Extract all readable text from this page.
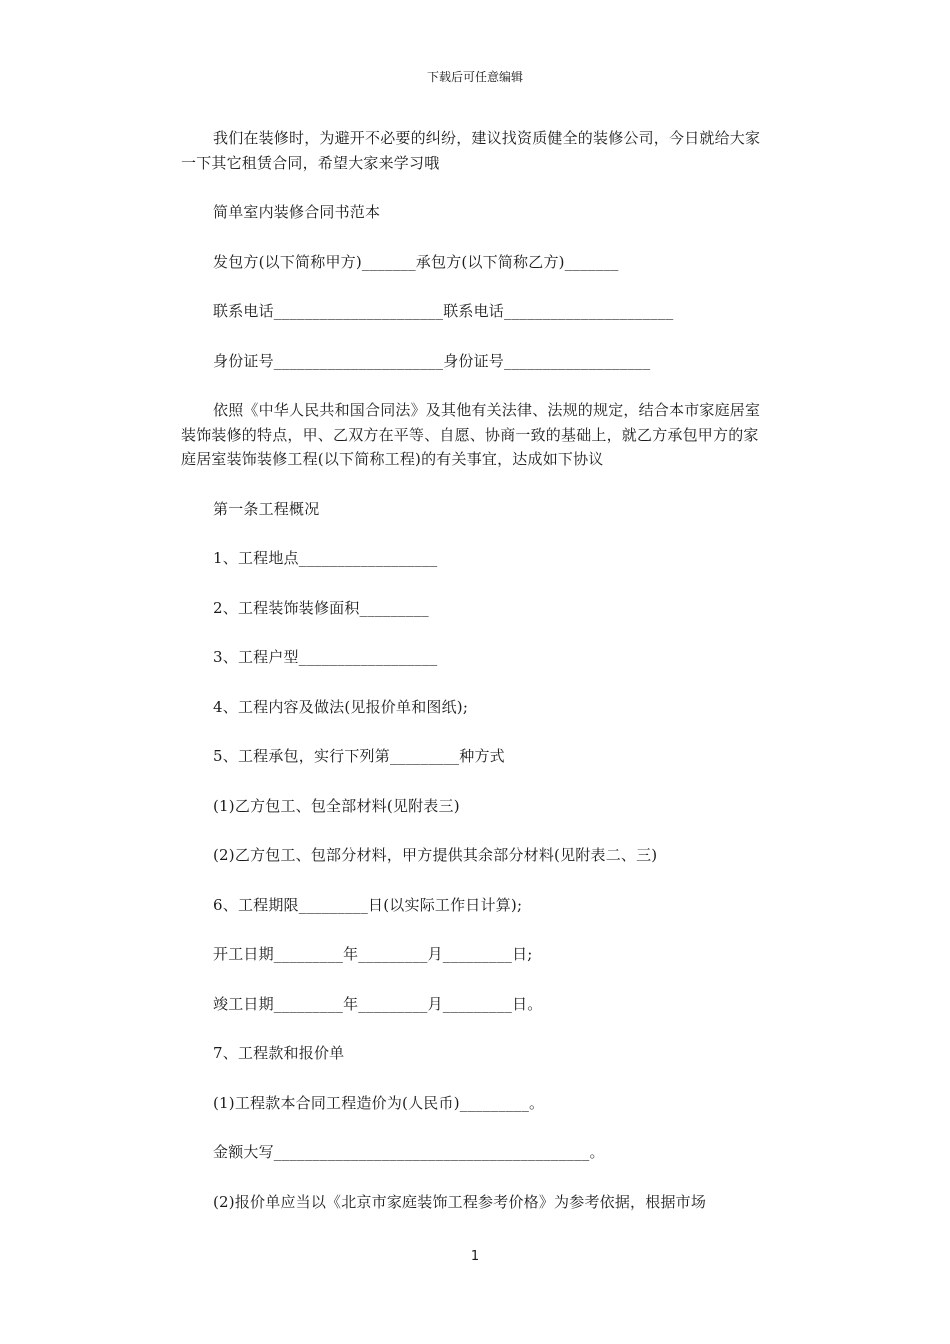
下载后可任意编辑

我们在装修时，为避开不必要的纠纷，建议找资质健全的装修公司，今日就给大家一下其它租赁合同，希望大家来学习哦

简单室内装修合同书范本

发包方(以下简称甲方)_______承包方(以下简称乙方)_______

联系电话______________________联系电话______________________

身份证号______________________身份证号___________________

依照《中华人民共和国合同法》及其他有关法律、法规的规定，结合本市家庭居室装饰装修的特点，甲、乙双方在平等、自愿、协商一致的基础上，就乙方承包甲方的家庭居室装饰装修工程(以下简称工程)的有关事宜，达成如下协议

第一条工程概况

1、工程地点__________________

2、工程装饰装修面积_________

3、工程户型__________________

4、工程内容及做法(见报价单和图纸);

5、工程承包，实行下列第_________种方式

(1)乙方包工、包全部材料(见附表三)

(2)乙方包工、包部分材料，甲方提供其余部分材料(见附表二、三)

6、工程期限_________日(以实际工作日计算);

开工日期_________年_________月_________日;

竣工日期_________年_________月_________日。

7、工程款和报价单

(1)工程款本合同工程造价为(人民币)_________。

金额大写_________________________________________。

(2)报价单应当以《北京市家庭装饰工程参考价格》为参考依据，根据市场

1
